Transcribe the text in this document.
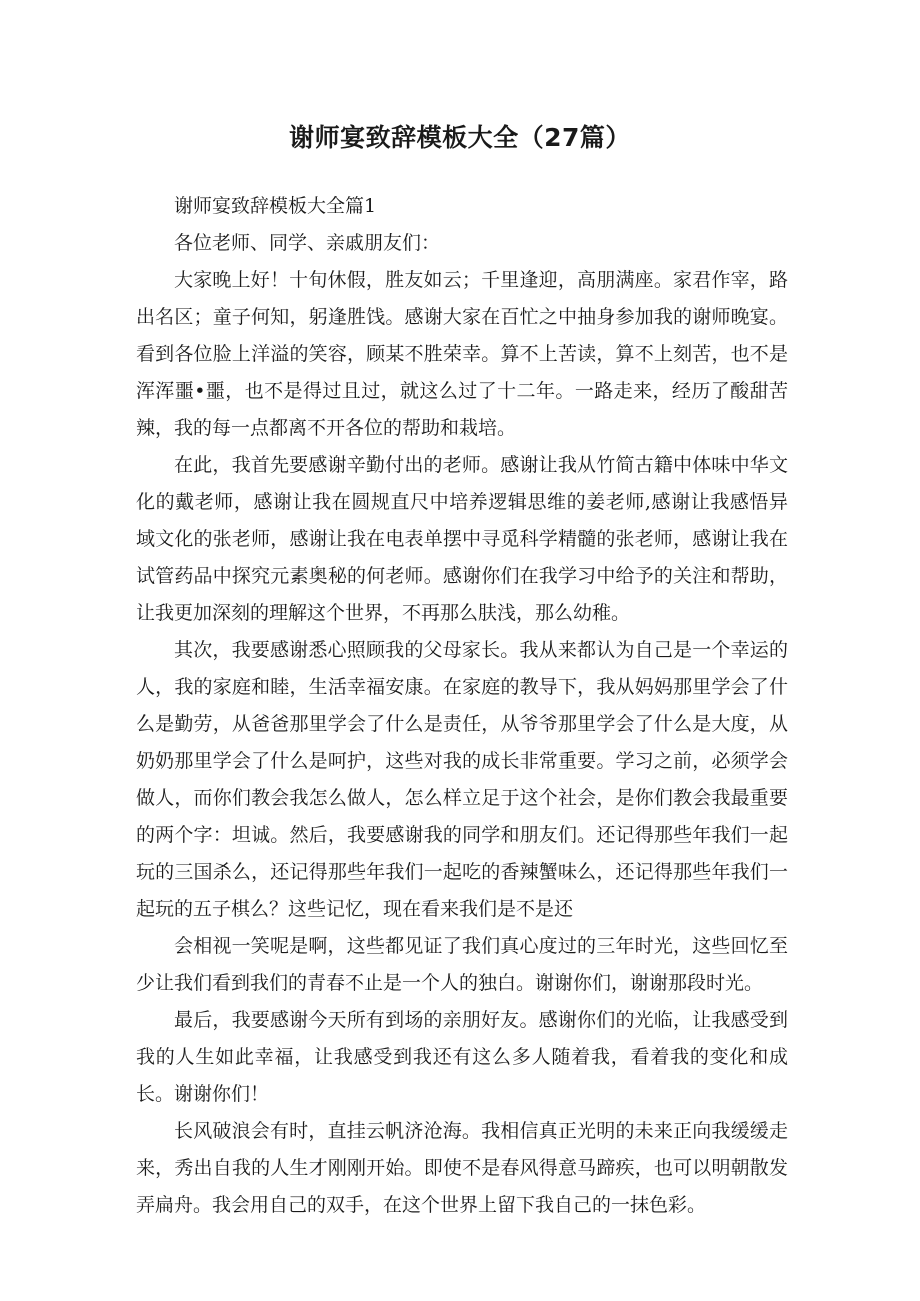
谢师宴致辞模板大全（27篇）

谢师宴致辞模板大全篇1

各位老师、同学、亲戚朋友们：

大家晚上好！十旬休假，胜友如云；千里逢迎，高朋满座。家君作宰，路出名区；童子何知，躬逢胜饯。感谢大家在百忙之中抽身参加我的谢师晚宴。看到各位脸上洋溢的笑容，顾某不胜荣幸。算不上苦读，算不上刻苦，也不是浑浑噩•噩，也不是得过且过，就这么过了十二年。一路走来，经历了酸甜苦辣，我的每一点都离不开各位的帮助和栽培。

在此，我首先要感谢辛勤付出的老师。感谢让我从竹简古籍中体味中华文化的戴老师，感谢让我在圆规直尺中培养逻辑思维的姜老师,感谢让我感悟异域文化的张老师，感谢让我在电表单摆中寻觅科学精髓的张老师，感谢让我在试管药品中探究元素奥秘的何老师。感谢你们在我学习中给予的关注和帮助，让我更加深刻的理解这个世界，不再那么肤浅，那么幼稚。

其次，我要感谢悉心照顾我的父母家长。我从来都认为自己是一个幸运的人，我的家庭和睦，生活幸福安康。在家庭的教导下，我从妈妈那里学会了什么是勤劳，从爸爸那里学会了什么是责任，从爷爷那里学会了什么是大度，从奶奶那里学会了什么是呵护，这些对我的成长非常重要。学习之前，必须学会做人，而你们教会我怎么做人，怎么样立足于这个社会，是你们教会我最重要的两个字：坦诚。然后，我要感谢我的同学和朋友们。还记得那些年我们一起玩的三国杀么，还记得那些年我们一起吃的香辣蟹味么，还记得那些年我们一起玩的五子棋么？这些记忆，现在看来我们是不是还

会相视一笑呢是啊，这些都见证了我们真心度过的三年时光，这些回忆至少让我们看到我们的青春不止是一个人的独白。谢谢你们，谢谢那段时光。

最后，我要感谢今天所有到场的亲朋好友。感谢你们的光临，让我感受到我的人生如此幸福，让我感受到我还有这么多人随着我，看着我的变化和成长。谢谢你们！

长风破浪会有时，直挂云帆济沧海。我相信真正光明的未来正向我缓缓走来，秀出自我的人生才刚刚开始。即使不是春风得意马蹄疾，也可以明朝散发弄扁舟。我会用自己的双手，在这个世界上留下我自己的一抹色彩。
